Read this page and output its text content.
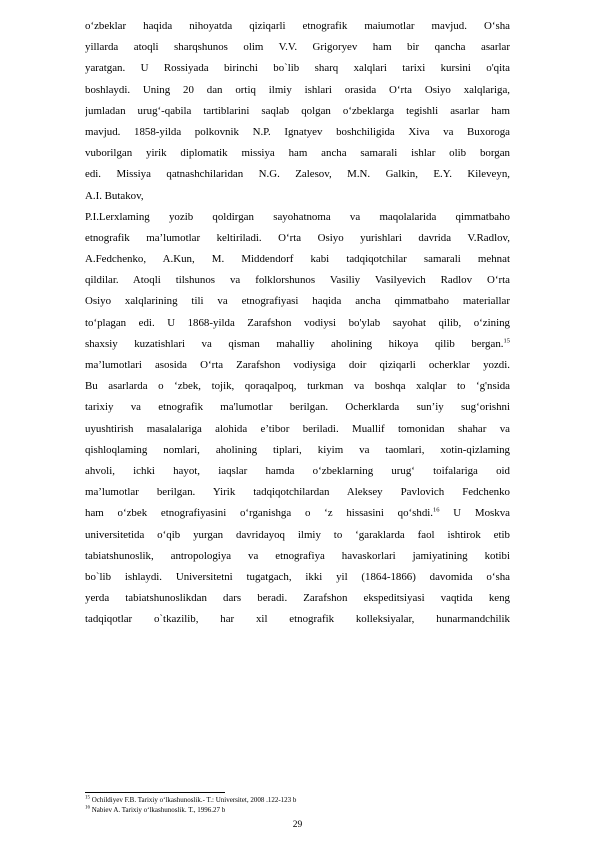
o‘zbeklar haqida nihoyatda qiziqarli etnografik maiumotlar mavjud. O‘sha
yillarda atoqli sharqshunos olim V.V. Grigoryev ham bir qancha asarlar
yaratgan. U Rossiyada birinchi bo`lib sharq xalqlari tarixi kursini o'qita
boshlaydi. Uning 20 dan ortiq ilmiy ishlari orasida O‘rta Osiyo xalqlariga,
jumladan urug‘-qabila tartiblarini saqlab qolgan o‘zbeklarga tegishli asarlar ham
mavjud. 1858-yilda polkovnik N.P. Ignatyev boshchiligida Xiva va Buxoroga
vuborilgan yirik diplomatik missiya ham ancha samarali ishlar olib borgan
edi. Missiya qatnashchilaridan N.G. Zalesov, M.N. Galkin, E.Y. Kileveyn,
A.I. Butakov,
P.I.Lerxlaming yozib qoldirgan sayohatnoma va maqolalarida qimmatbaho
etnografik ma’lumotlar keltiriladi. O‘rta Osiyo yurishlari davrida V.Radlov,
A.Fedchenko, A.Kun, M. Middendorf kabi tadqiqotchilar samarali mehnat
qildilar. Atoqli tilshunos va folklorshunos Vasiliy Vasilyevich Radlov O‘rta
Osiyo xalqlarining tili va etnografiyasi haqida ancha qimmatbaho materiallar
to‘plagan edi. U 1868-yilda Zarafshon vodiysi bo'ylab sayohat qilib, o‘zining
shaxsiy kuzatishlari va qisman mahalliy aholining hikoya qilib bergan.$^{15}$
ma’lumotlari asosida O‘rta Zarafshon vodiysiga doir qiziqarli ocherklar yozdi.
Bu asarlarda o ‘zbek, tojik, qoraqalpoq, turkman va boshqa xalqlar to ‘g'nsida
tarixiy va etnografik ma'lumotlar berilgan. Ocherklarda sun’iy sug‘orishni
uyushtirish masalalariga alohida e’tibor beriladi. Muallif tomonidan shahar va
qishloqlaming nomlari, aholining tiplari, kiyim va taomlari, xotin-qizlaming
ahvoli, ichki hayot, iaqslar hamda o‘zbeklarning urug‘ toifalariga oid
ma’lumotlar berilgan. Yirik tadqiqotchilardan Aleksey Pavlovich Fedchenko
ham o‘zbek etnografiyasini o‘rganishga o ‘z hissasini qo‘shdi.$^{16}$ U Moskva
universitetida o‘qib yurgan davridayoq ilmiy to ‘garaklarda faol ishtirok etib
tabiatshunoslik, antropologiya va etnografiya havaskorlari jamiyatining kotibi
bo`lib ishlaydi. Universitetni tugatgach, ikki yil (1864-1866) davomida o‘sha
yerda tabiatshunoslikdan dars beradi. Zarafshon ekspeditsiyasi vaqtida keng
tadqiqotlar o`tkazilib, har xil etnografik kolleksiyalar, hunarmandchilik
$^{15}$ Ochildiyev F.B. Tarixiy o‘lkashunoslik.- T.: Universitet, 2008 .122-123 b
$^{16}$ Nabiev A. Tarixiy o‘lkashunoslik. T., 1996.27 b
29
